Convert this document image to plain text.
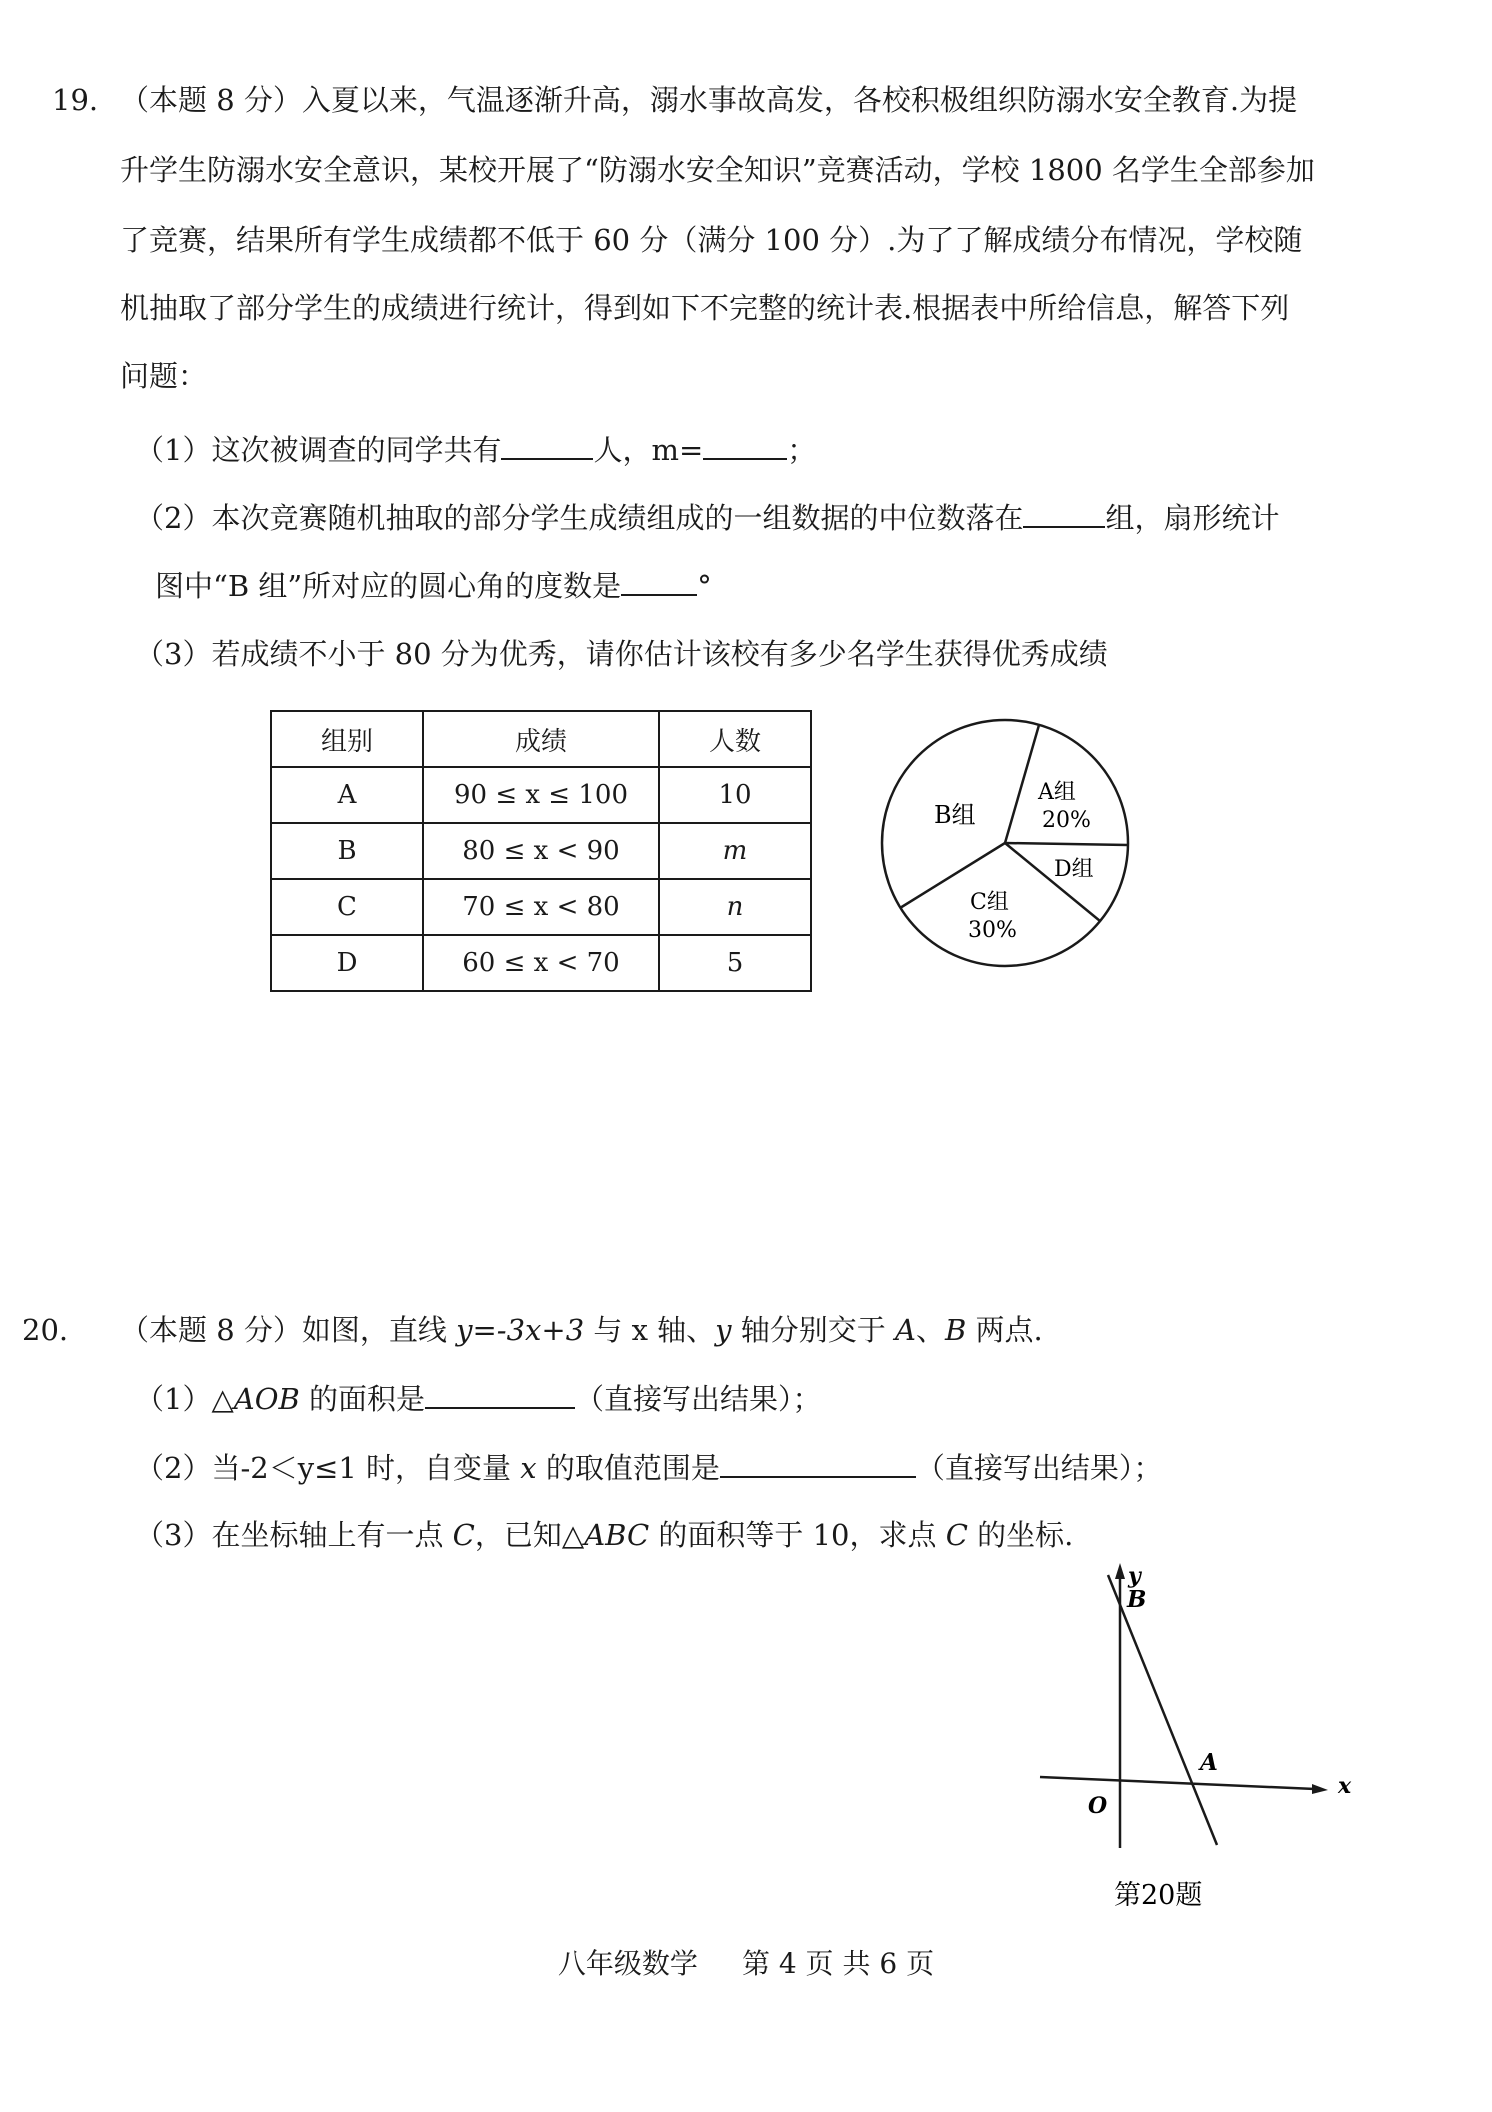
19. （本题 8 分）入夏以来，气温逐渐升高，溺水事故高发，各校积极组织防溺水安全教育.为提
升学生防溺水安全意识，某校开展了“防溺水安全知识”竞赛活动，学校 1800 名学生全部参加
了竞赛，结果所有学生成绩都不低于 60 分（满分 100 分）.为了了解成绩分布情况，学校随
机抽取了部分学生的成绩进行统计，得到如下不完整的统计表.根据表中所给信息，解答下列
问题：
（1）这次被调查的同学共有	人，m=	；
（2）本次竞赛随机抽取的部分学生成绩组成的一组数据的中位数落在	组，扇形统计
图中“B 组”所对应的圆心角的度数是	°
（3）若成绩不小于 80 分为优秀，请你估计该校有多少名学生获得优秀成绩
组别	成绩	人数
A	90 ≤ x ≤ 100	10
B	80 ≤ x < 90	m
C	70 ≤ x < 80	n
D	60 ≤ x < 70	5
B组
A组
20%
D组
C组
30%
20. （本题 8 分）如图，直线 y=-3x+3 与 x 轴、y 轴分别交于 A、B 两点.
（1）△AOB 的面积是	（直接写出结果）；
（2）当-2＜y≤1 时，自变量 x 的取值范围是	（直接写出结果）；
（3）在坐标轴上有一点 C，已知△ABC 的面积等于 10，求点 C 的坐标.
y
B
x
O
A
第20题
八年级数学 第 4 页 共 6 页
